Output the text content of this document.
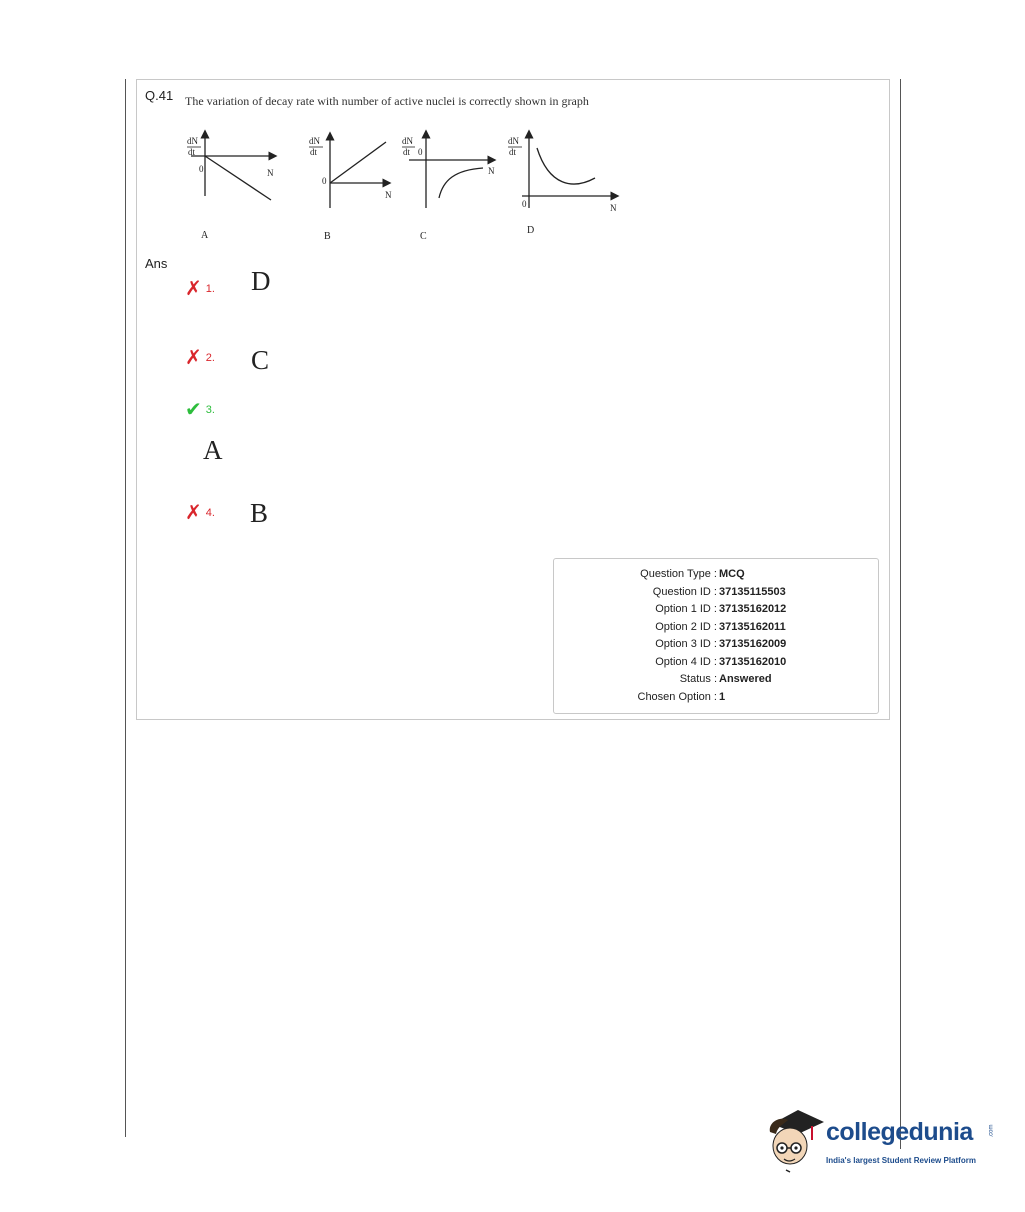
Q.41 The variation of decay rate with number of active nuclei is correctly shown in graph
dN
dt
0	N
A
dN
dt
0
N
B
dN
dt 0
N
C
dN
dt
0	N
D
Ans
✗ 1. D
✗ 2. C
✔ 3.
A
✗ 4. B
Question Type : MCQ
Question ID : 37135115503
Option 1 ID : 37135162012
Option 2 ID : 37135162011
Option 3 ID : 37135162009
Option 4 ID : 37135162010
Status : Answered
Chosen Option : 1
collegedunia	.com
India's largest Student Review Platform
